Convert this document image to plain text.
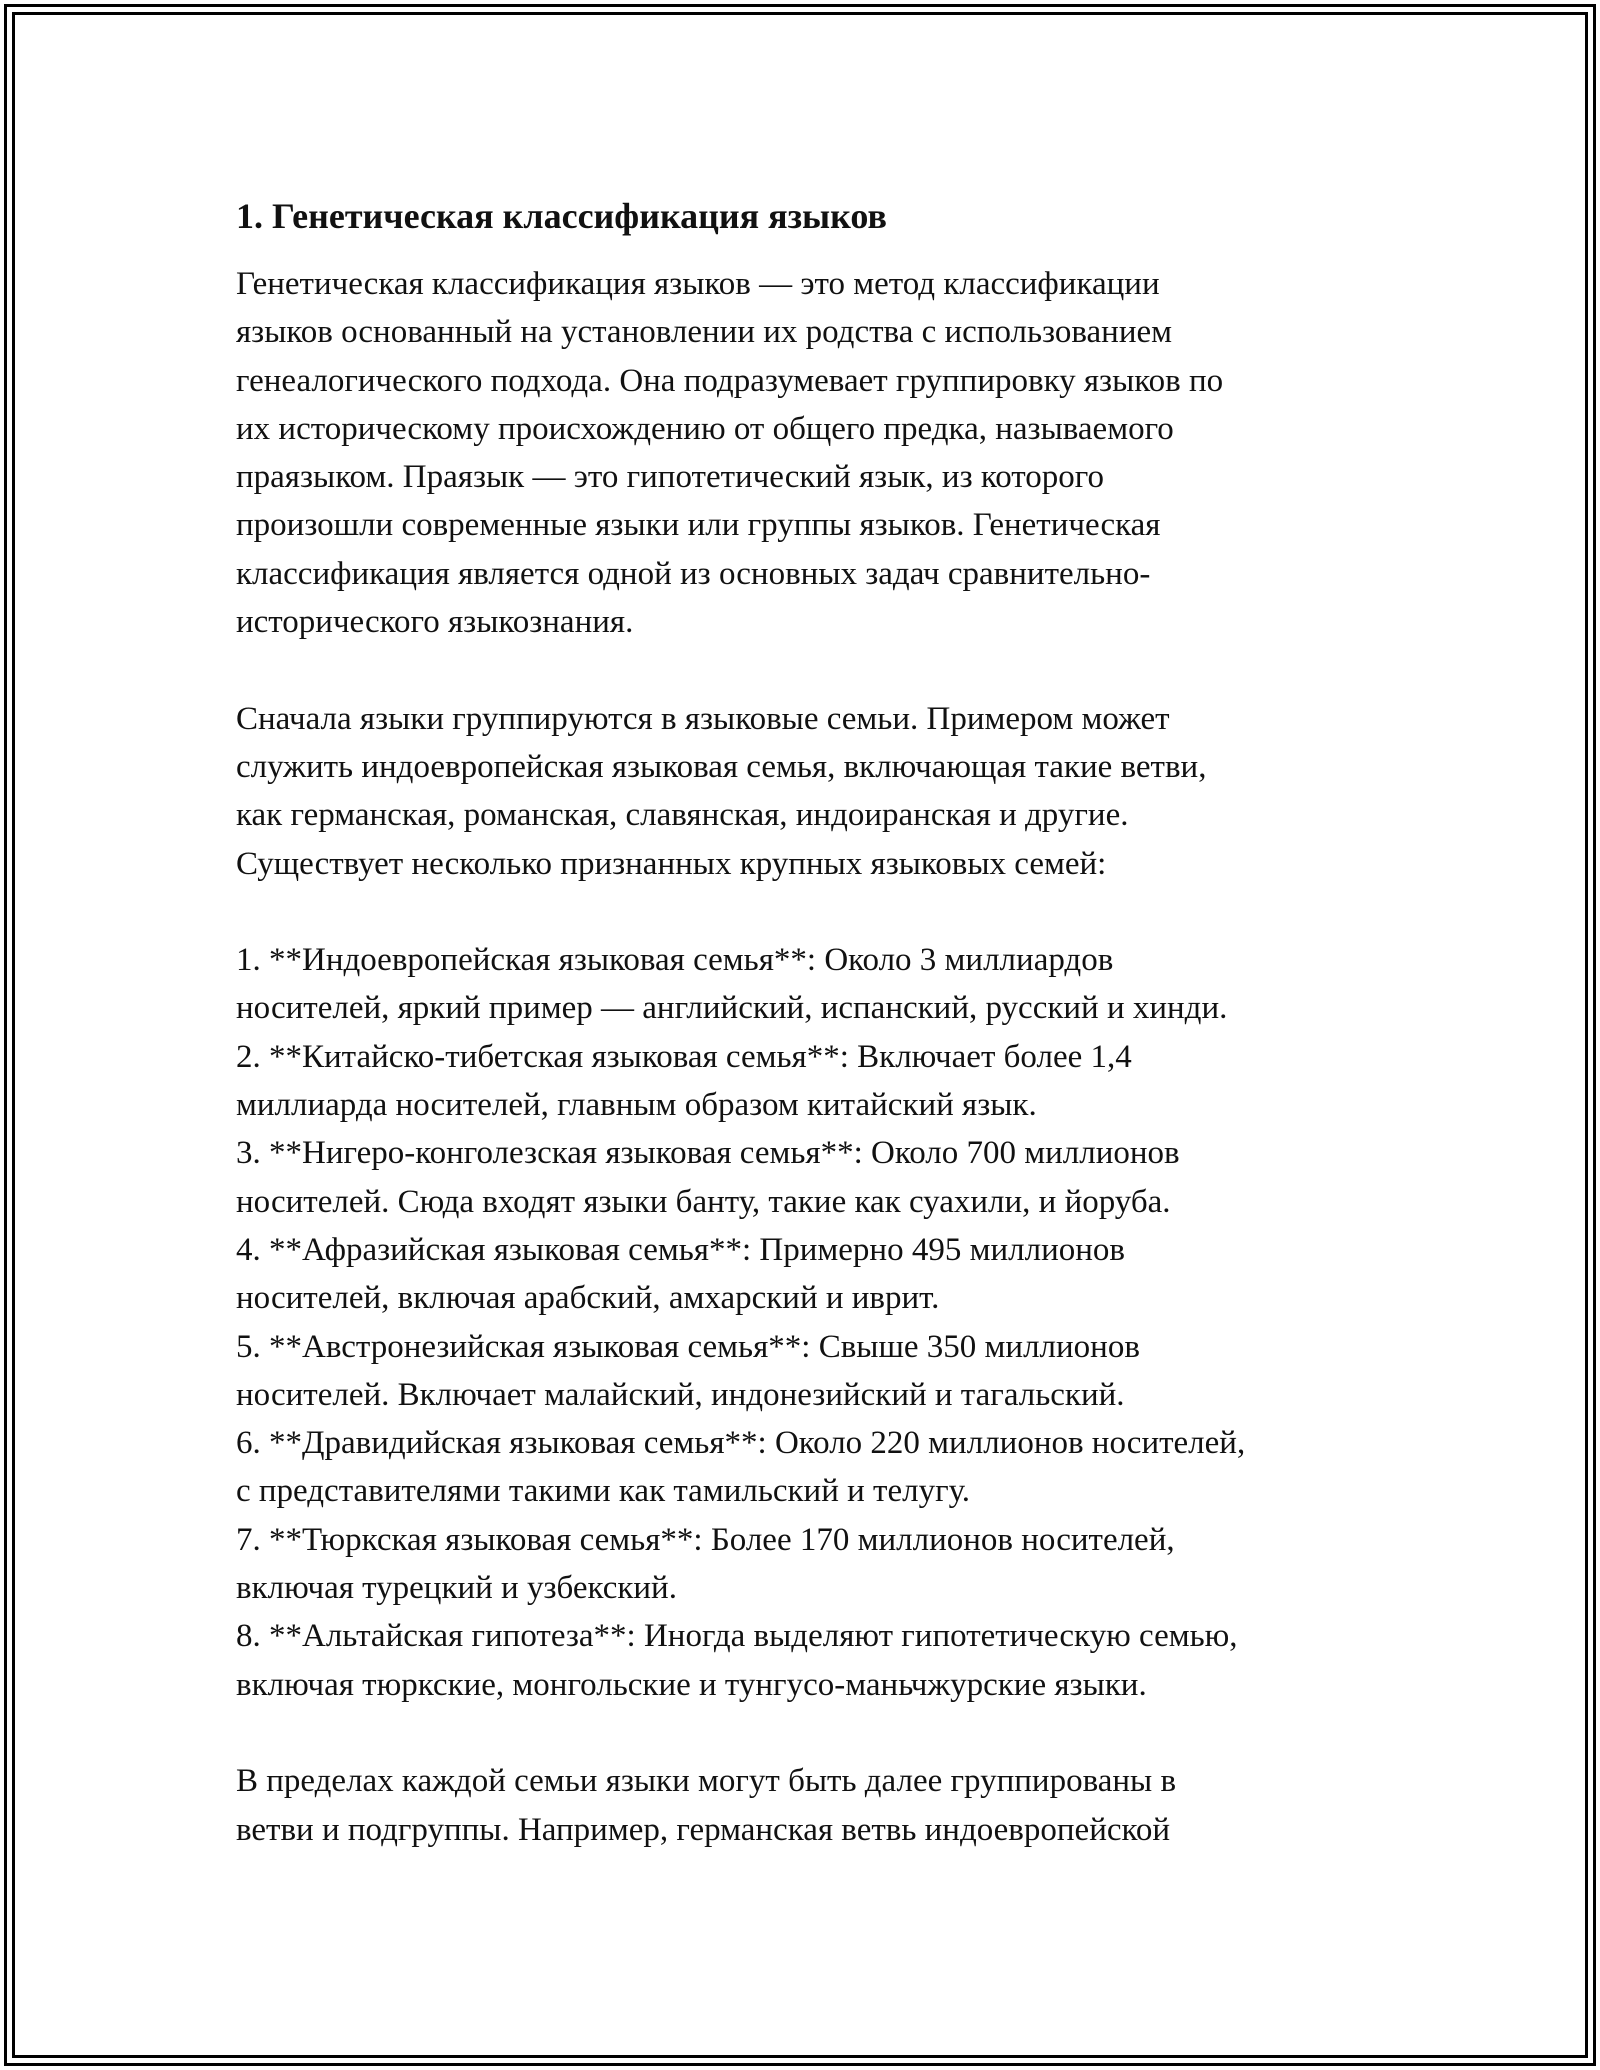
1. Генетическая классификация языков

Генетическая классификация языков — это метод классификации
языков основанный на установлении их родства с использованием
генеалогического подхода. Она подразумевает группировку языков по
их историческому происхождению от общего предка, называемого
праязыком. Праязык — это гипотетический язык, из которого
произошли современные языки или группы языков. Генетическая
классификация является одной из основных задач сравнительно-
исторического языкознания.

Сначала языки группируются в языковые семьи. Примером может
служить индоевропейская языковая семья, включающая такие ветви,
как германская, романская, славянская, индоиранская и другие.
Существует несколько признанных крупных языковых семей:

1. **Индоевропейская языковая семья**: Около 3 миллиардов
носителей, яркий пример — английский, испанский, русский и хинди.
2. **Китайско-тибетская языковая семья**: Включает более 1,4
миллиарда носителей, главным образом китайский язык.
3. **Нигеро-конголезская языковая семья**: Около 700 миллионов
носителей. Сюда входят языки банту, такие как суахили, и йоруба.
4. **Афразийская языковая семья**: Примерно 495 миллионов
носителей, включая арабский, амхарский и иврит.
5. **Австронезийская языковая семья**: Свыше 350 миллионов
носителей. Включает малайский, индонезийский и тагальский.
6. **Дравидийская языковая семья**: Около 220 миллионов носителей,
с представителями такими как тамильский и телугу.
7. **Тюркская языковая семья**: Более 170 миллионов носителей,
включая турецкий и узбекский.
8. **Альтайская гипотеза**: Иногда выделяют гипотетическую семью,
включая тюркские, монгольские и тунгусо-маньчжурские языки.

В пределах каждой семьи языки могут быть далее группированы в
ветви и подгруппы. Например, германская ветвь индоевропейской
